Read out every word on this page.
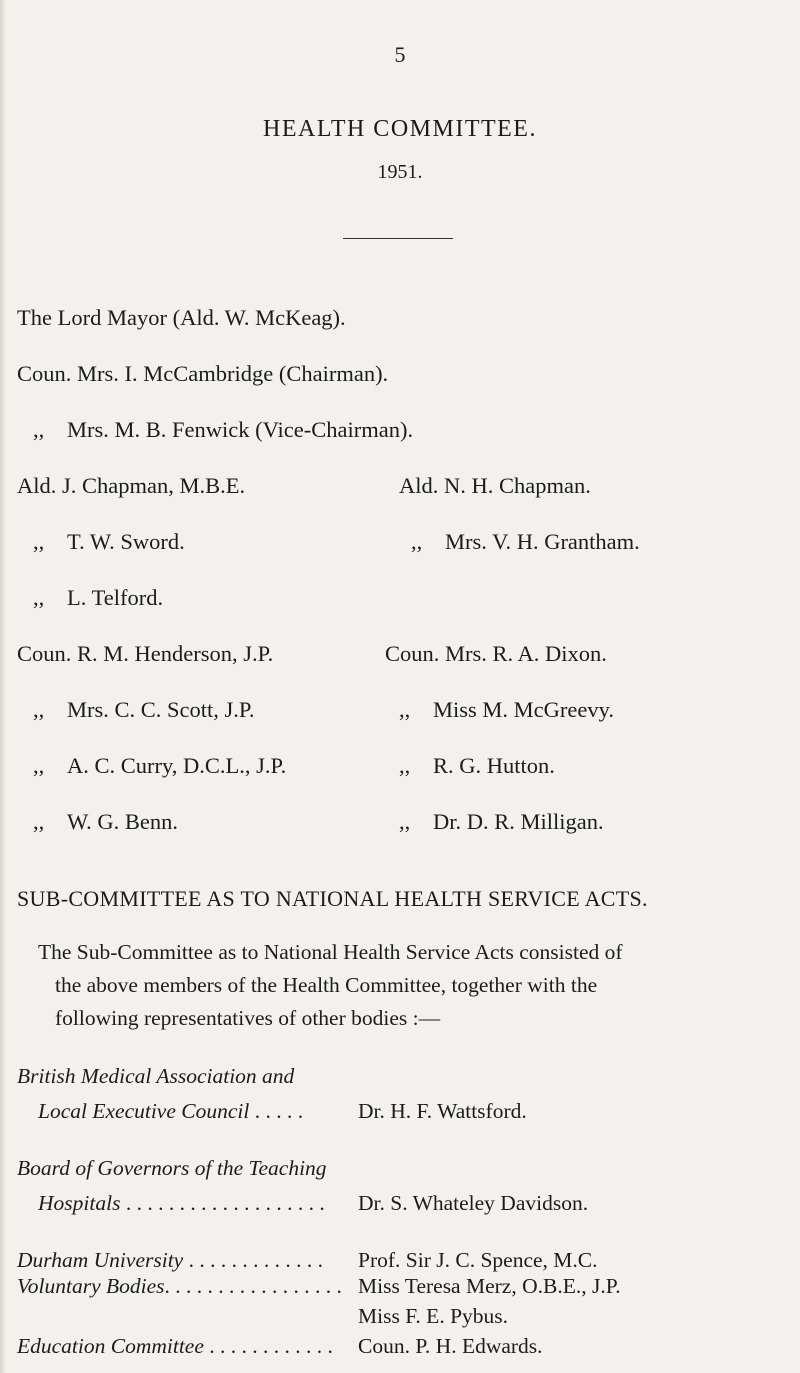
5
HEALTH COMMITTEE.
1951.
The Lord Mayor (Ald. W. McKeag).
Coun. Mrs. I. McCambridge (Chairman).
,, Mrs. M. B. Fenwick (Vice-Chairman).
Ald. J. Chapman, M.B.E.
,, T. W. Sword.
,, L. Telford.
Coun. R. M. Henderson, J.P.
,, Mrs. C. C. Scott, J.P.
,, A. C. Curry, D.C.L., J.P.
,, W. G. Benn.
Ald. N. H. Chapman.
,, Mrs. V. H. Grantham.
Coun. Mrs. R. A. Dixon.
,, Miss M. McGreevy.
,, R. G. Hutton.
,, Dr. D. R. Milligan.
SUB-COMMITTEE AS TO NATIONAL HEALTH SERVICE ACTS.
The Sub-Committee as to National Health Service Acts consisted of
the above members of the Health Committee, together with the
following representatives of other bodies :—
British Medical Association and
Local Executive Council . . . . .	Dr. H. F. Wattsford.
Board of Governors of the Teaching
Hospitals . . . . . . . . . . . . . . . . . . . Dr. S. Whateley Davidson.
Durham University . . . . . . . . . . . . . Prof. Sir J. C. Spence, M.C.
Voluntary Bodies. . . . . . . . . . . . . . . . . Miss Teresa Merz, O.B.E., J.P.
Miss F. E. Pybus.
Education Committee . . . . . . . . . . . . Coun. P. H. Edwards.
